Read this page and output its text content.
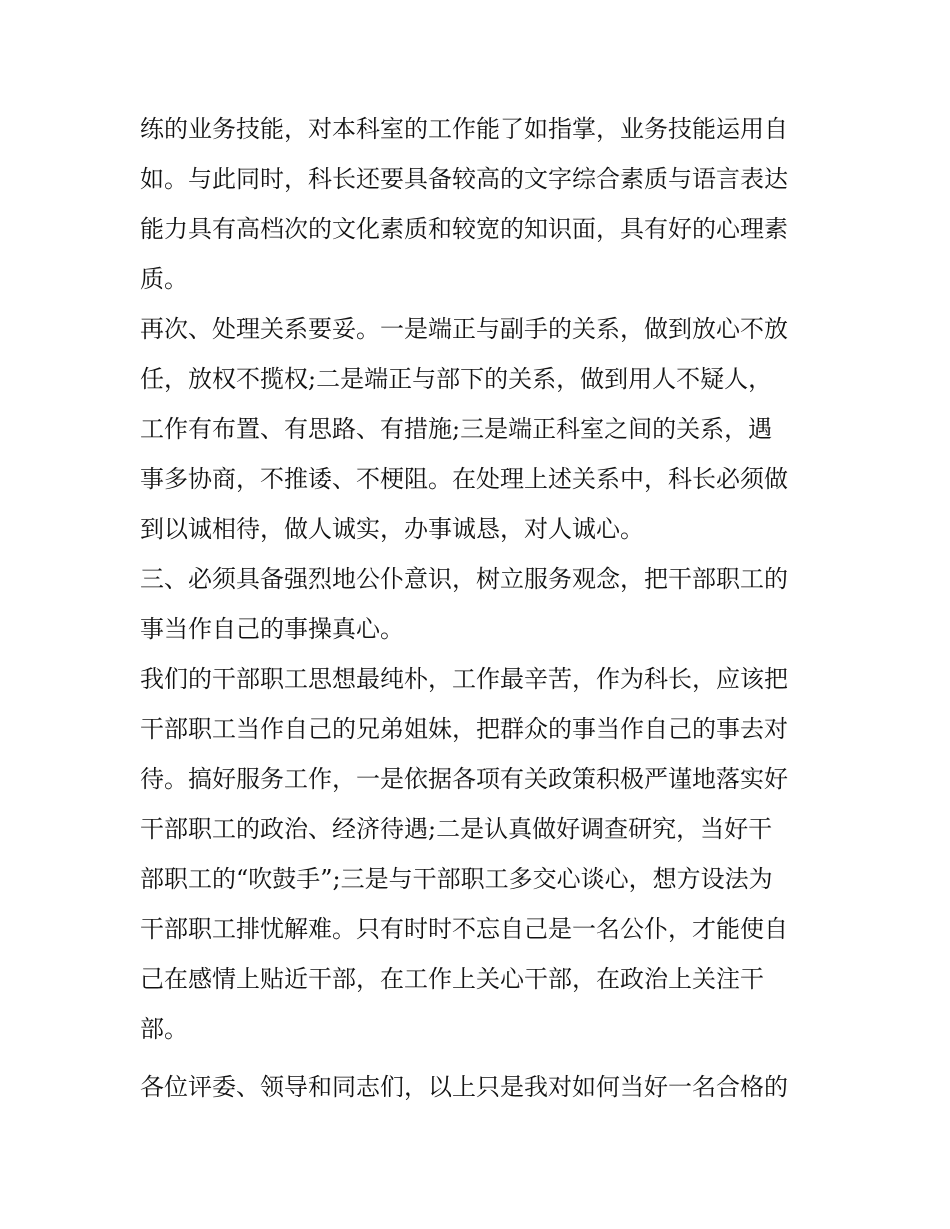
练的业务技能，对本科室的工作能了如指掌，业务技能运用自
如。与此同时，科长还要具备较高的文字综合素质与语言表达
能力具有高档次的文化素质和较宽的知识面，具有好的心理素
质。
再次、处理关系要妥。一是端正与副手的关系，做到放心不放
任，放权不揽权;二是端正与部下的关系，做到用人不疑人，
工作有布置、有思路、有措施;三是端正科室之间的关系，遇
事多协商，不推诿、不梗阻。在处理上述关系中，科长必须做
到以诚相待，做人诚实，办事诚恳，对人诚心。
三、必须具备强烈地公仆意识，树立服务观念，把干部职工的
事当作自己的事操真心。
我们的干部职工思想最纯朴，工作最辛苦，作为科长，应该把
干部职工当作自己的兄弟姐妹，把群众的事当作自己的事去对
待。搞好服务工作，一是依据各项有关政策积极严谨地落实好
干部职工的政治、经济待遇;二是认真做好调查研究，当好干
部职工的“吹鼓手”;三是与干部职工多交心谈心，想方设法为
干部职工排忧解难。只有时时不忘自己是一名公仆，才能使自
己在感情上贴近干部，在工作上关心干部，在政治上关注干
部。
各位评委、领导和同志们，以上只是我对如何当好一名合格的
